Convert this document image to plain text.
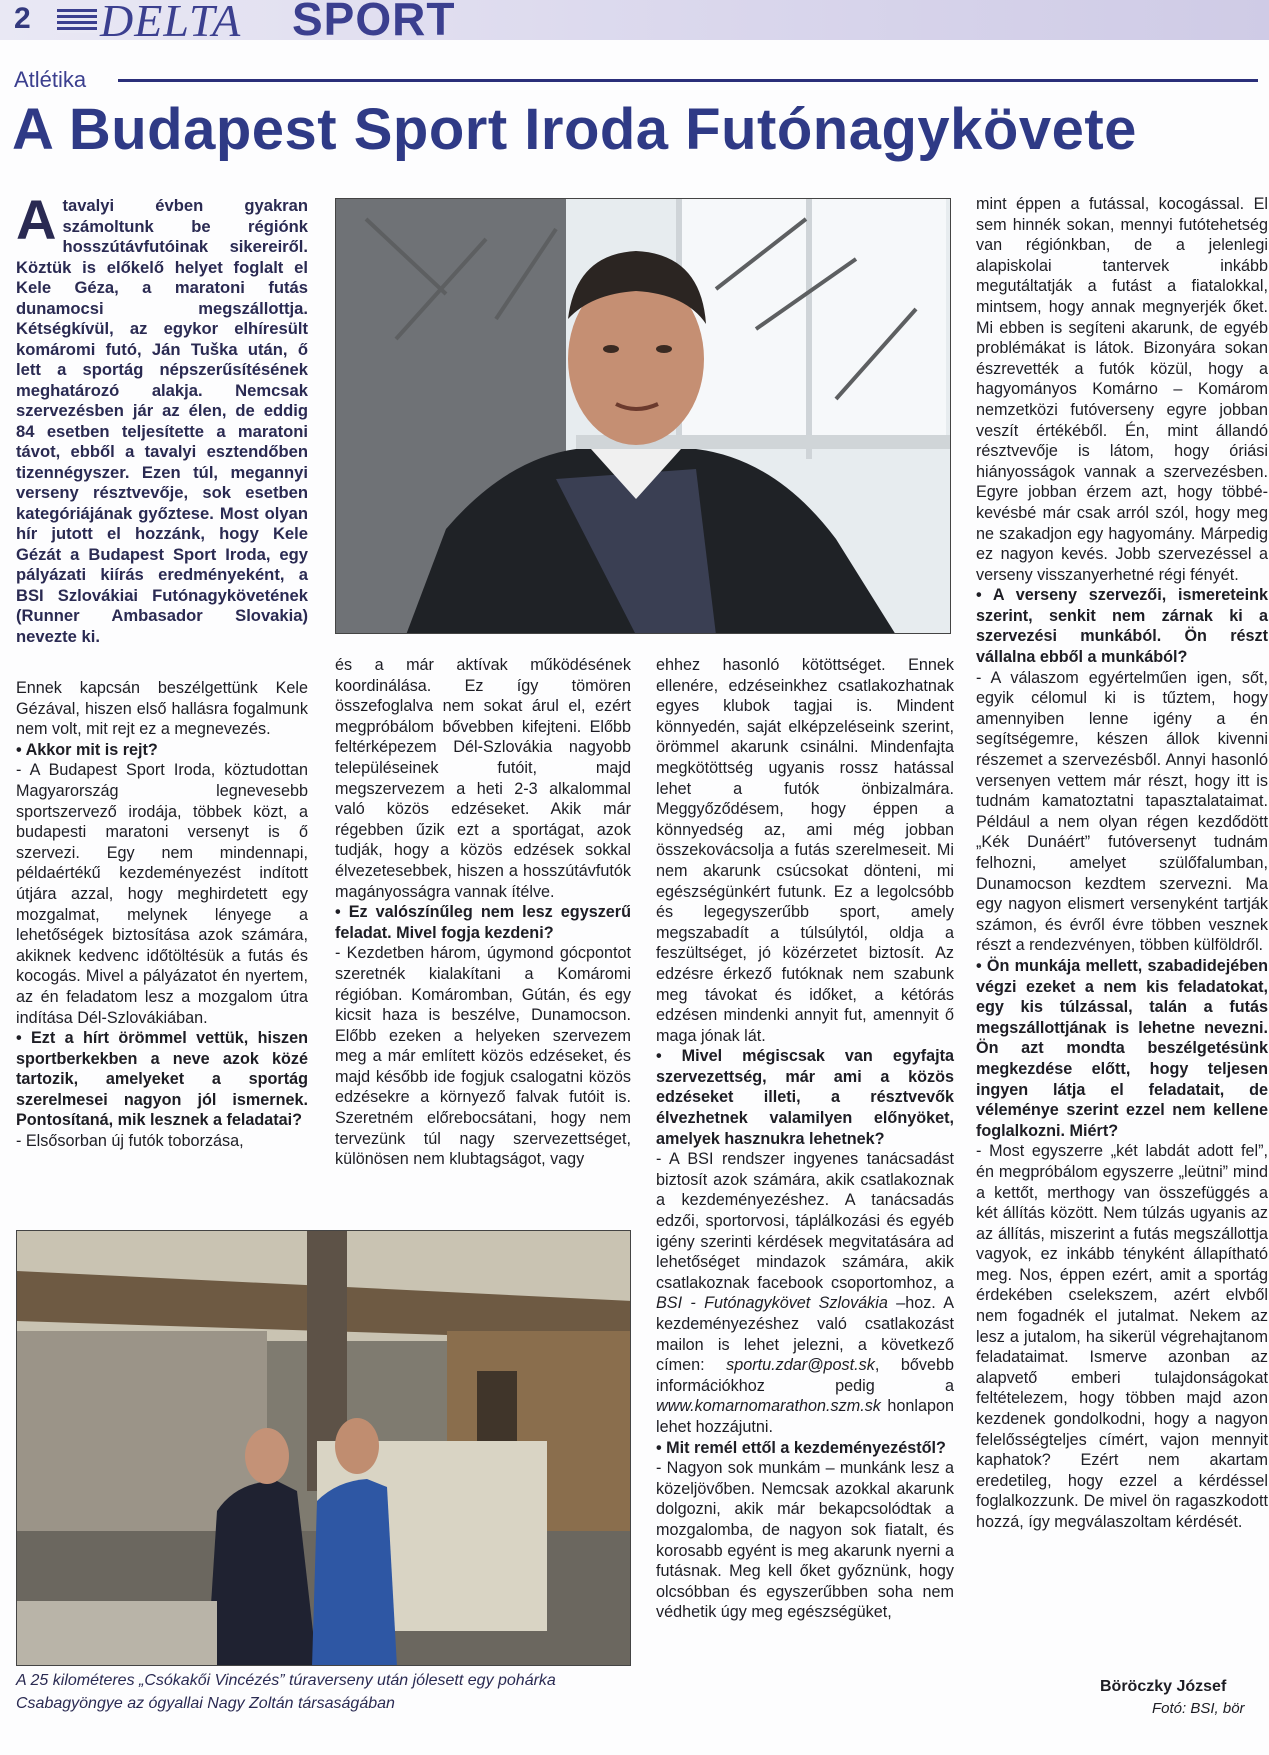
2 DELTA SPORT
Atlétika
A Budapest Sport Iroda Futónagykövete
A tavalyi évben gyakran számoltunk be régiónk hosszútávfutóinak sikereiről. Köztük is előkelő helyet foglalt el Kele Géza, a maratoni futás dunamocsi megszállottja. Kétségkívül, az egykor elhíresült komáromi futó, Ján Tuška után, ő lett a sportág népszerűsítésének meghatározó alakja. Nemcsak szervezésben jár az élen, de eddig 84 esetben teljesítette a maratoni távot, ebből a tavalyi esztendőben tizennégyszer. Ezen túl, megannyi verseny résztvevője, sok esetben kategóriájának győztese. Most olyan hír jutott el hozzánk, hogy Kele Gézát a Budapest Sport Iroda, egy pályázati kiírás eredményeként, a BSI Szlovákiai Futónagykövetének (Runner Ambasador Slovakia) nevezte ki.

Ennek kapcsán beszélgettünk Kele Gézával, hiszen első hallásra fogalmunk nem volt, mit rejt ez a megnevezés.

• Akkor mit is rejt?

- A Budapest Sport Iroda, köztudottan Magyarország legnevesebb sportszervező irodája, többek közt, a budapesti maratoni versenyt is ő szervezi. Egy nem mindennapi, példaértékű kezdeményezést indított útjára azzal, hogy meghirdetett egy mozgalmat, melynek lényege a lehetőségek biztosítása azok számára, akiknek kedvenc időtöltésük a futás és kocogás. Mivel a pályázatot én nyertem, az én feladatom lesz a mozgalom útra indítása Dél-Szlovákiában.

• Ezt a hírt örömmel vettük, hiszen sportberkekben a neve azok közé tartozik, amelyeket a sportág szerelmesei nagyon jól ismernek. Pontosítaná, mik lesznek a feladatai?

- Elsősorban új futók toborzása,

és a már aktívak működésének koordinálása. Ez így tömören összefoglalva nem sokat árul el, ezért megpróbálom bővebben kifejteni. Előbb feltérképezem Dél-Szlovákia nagyobb településeinek futóit, majd megszervezem a heti 2-3 alkalommal való közös edzéseket. Akik már régebben űzik ezt a sportágat, azok tudják, hogy a közös edzések sokkal élvezetesebbek, hiszen a hosszútávfutók magányosságra vannak ítélve.

• Ez valószínűleg nem lesz egyszerű feladat. Mivel fogja kezdeni?

- Kezdetben három, úgymond gócpontot szeretnék kialakítani a Komáromi régióban. Komáromban, Gútán, és egy kicsit haza is beszélve, Dunamocson. Előbb ezeken a helyeken szervezem meg a már említett közös edzéseket, és majd később ide fogjuk csalogatni közös edzésekre a környező falvak futóit is. Szeretném előrebocsátani, hogy nem tervezünk túl nagy szervezettséget, különösen nem klubtagságot, vagy

ehhez hasonló kötöttséget. Ennek ellenére, edzéseinkhez csatlakozhatnak egyes klubok tagjai is. Mindent könnyedén, saját elképzeléseink szerint, örömmel akarunk csinálni. Mindenfajta megkötöttség ugyanis rossz hatással lehet a futók önbizalmára. Meggyőződésem, hogy éppen a könnyedség az, ami még jobban összekovácsolja a futás szerelmeseit. Mi nem akarunk csúcsokat dönteni, mi egészségünkért futunk. Ez a legolcsóbb és legegyszerűbb sport, amely megszabadít a túlsúlytól, oldja a feszültséget, jó közérzetet biztosít. Az edzésre érkező futóknak nem szabunk meg távokat és időket, a kétórás edzésen mindenki annyit fut, amennyit ő maga jónak lát.

• Mivel mégiscsak van egyfajta szervezettség, már ami a közös edzéseket illeti, a résztvevők élvezhetnek valamilyen előnyöket, amelyek hasznukra lehetnek?

- A BSI rendszer ingyenes tanácsadást biztosít azok számára, akik csatlakoznak a kezdeményezéshez. A tanácsadás edzői, sportorvosi, táplálkozási és egyéb igény szerinti kérdések megvitatására ad lehetőséget mindazok számára, akik csatlakoznak facebook csoportomhoz, a BSI - Futónagykövet Szlovákia –hoz. A kezdeményezéshez való csatlakozást mailon is lehet jelezni, a következő címen: sportu.zdar@post.sk, bővebb információkhoz pedig a www.komarnomarathon.szm.sk honlapon lehet hozzájutni.

• Mit remél ettől a kezdeményezéstől?

- Nagyon sok munkám – munkánk lesz a közeljövőben. Nemcsak azokkal akarunk dolgozni, akik már bekapcsolódtak a mozgalomba, de nagyon sok fiatalt, és korosabb egyént is meg akarunk nyerni a futásnak. Meg kell őket győznünk, hogy olcsóbban és egyszerűbben soha nem védhetik úgy meg egészségüket,

mint éppen a futással, kocogással. El sem hinnék sokan, mennyi futótehetség van régiónkban, de a jelenlegi alapiskolai tantervek inkább megutáltatják a futást a fiatalokkal, mintsem, hogy annak megnyerjék őket. Mi ebben is segíteni akarunk, de egyéb problémákat is látok. Bizonyára sokan észrevették a futók közül, hogy a hagyományos Komárno – Komárom nemzetközi futóverseny egyre jobban veszít értékéből. Én, mint állandó résztvevője is látom, hogy óriási hiányosságok vannak a szervezésben. Egyre jobban érzem azt, hogy többé-kevésbé már csak arról szól, hogy meg ne szakadjon egy hagyomány. Márpedig ez nagyon kevés. Jobb szervezéssel a verseny visszanyerhetné régi fényét.

• A verseny szervezői, ismereteink szerint, senkit nem zárnak ki a szervezési munkából. Ön részt vállalna ebből a munkából?

- A válaszom egyértelműen igen, sőt, egyik célomul ki is tűztem, hogy amennyiben lenne igény a én segítségemre, készen állok kivenni részemet a szervezésből. Annyi hasonló versenyen vettem már részt, hogy itt is tudnám kamatoztatni tapasztalataimat. Például a nem olyan régen kezdődött „Kék Dunáért” futóversenyt tudnám felhozni, amelyet szülőfalumban, Dunamocson kezdtem szervezni. Ma egy nagyon elismert versenyként tartják számon, és évről évre többen vesznek részt a rendezvényen, többen külföldről.

• Ön munkája mellett, szabadidejében végzi ezeket a nem kis feladatokat, egy kis túlzással, talán a futás megszállottjának is lehetne nevezni. Ön azt mondta beszélgetésünk megkezdése előtt, hogy teljesen ingyen látja el feladatait, de véleménye szerint ezzel nem kellene foglalkozni. Miért?

- Most egyszerre „két labdát adott fel”, én megpróbálom egyszerre „leütni” mind a kettőt, merthogy van összefüggés a két állítás között. Nem túlzás ugyanis az az állítás, miszerint a futás megszállottja vagyok, ez inkább tényként állapítható meg. Nos, éppen ezért, amit a sportág érdekében cselekszem, azért elvből nem fogadnék el jutalmat. Nekem az lesz a jutalom, ha sikerül végrehajtanom feladataimat. Ismerve azonban az alapvető emberi tulajdonságokat feltételezem, hogy többen majd azon kezdenek gondolkodni, hogy a nagyon felelősségteljes címért, vajon mennyit kaphatok? Ezért nem akartam eredetileg, hogy ezzel a kérdéssel foglalkozzunk. De mivel ön ragaszkodott hozzá, így megválaszoltam kérdését.

A 25 kilométeres „Csókakői Vincézés” túraverseny után jólesett egy pohárka
Csabagyöngye az ógyallai Nagy Zoltán társaságában
Böröczky József
Fotó: BSI, bör
